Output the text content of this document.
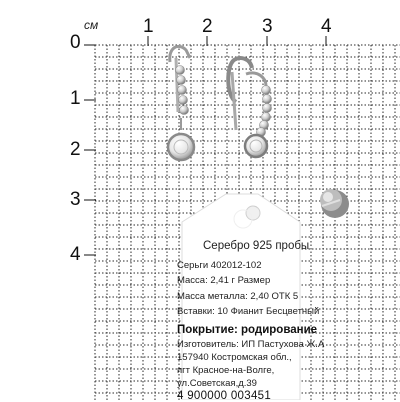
см 1	2	3	4
0
1
2
3
4	Серебро 925 пробы
Серьги 402012-102
Масса: 2,41 г Размер
Масса металла: 2,40 ОТК 5
Вставки: 10 Фианит Бесцветный
Покрытие: родирование
Изготовитель: ИП Пастухова Ж.А
157940 Костромская обл.,
пгт Красное-на-Волге,
ул.Советская,д.39
4 900000 003451
